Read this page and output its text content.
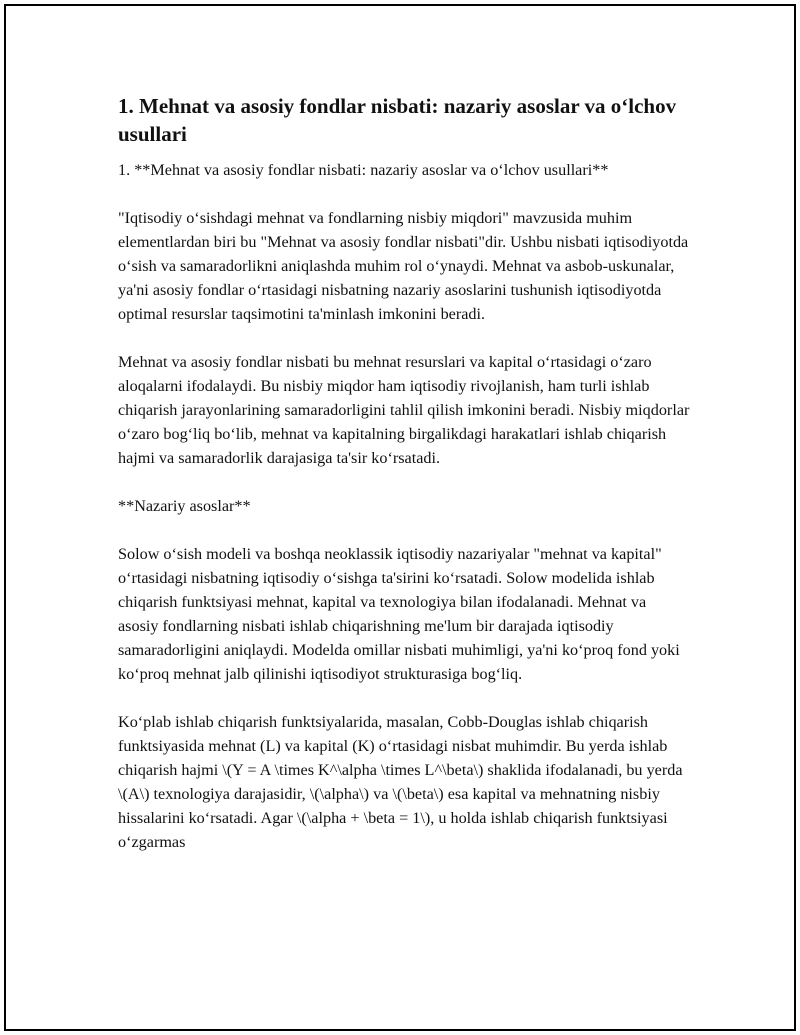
1. Mehnat va asosiy fondlar nisbati: nazariy asoslar va o‘lchov usullari

1. **Mehnat va asosiy fondlar nisbati: nazariy asoslar va o‘lchov usullari**

"Iqtisodiy o‘sishdagi mehnat va fondlarning nisbiy miqdori" mavzusida muhim elementlardan biri bu "Mehnat va asosiy fondlar nisbati"dir. Ushbu nisbati iqtisodiyotda o‘sish va samaradorlikni aniqlashda muhim rol o‘ynaydi. Mehnat va asbob-uskunalar, ya'ni asosiy fondlar o‘rtasidagi nisbatning nazariy asoslarini tushunish iqtisodiyotda optimal resurslar taqsimotini ta'minlash imkonini beradi.

Mehnat va asosiy fondlar nisbati bu mehnat resurslari va kapital o‘rtasidagi o‘zaro aloqalarni ifodalaydi. Bu nisbiy miqdor ham iqtisodiy rivojlanish, ham turli ishlab chiqarish jarayonlarining samaradorligini tahlil qilish imkonini beradi. Nisbiy miqdorlar o‘zaro bog‘liq bo‘lib, mehnat va kapitalning birgalikdagi harakatlari ishlab chiqarish hajmi va samaradorlik darajasiga ta'sir ko‘rsatadi.

**Nazariy asoslar**

Solow o‘sish modeli va boshqa neoklassik iqtisodiy nazariyalar "mehnat va kapital" o‘rtasidagi nisbatning iqtisodiy o‘sishga ta'sirini ko‘rsatadi. Solow modelida ishlab chiqarish funktsiyasi mehnat, kapital va texnologiya bilan ifodalanadi. Mehnat va asosiy fondlarning nisbati ishlab chiqarishning me'lum bir darajada iqtisodiy samaradorligini aniqlaydi. Modelda omillar nisbati muhimligi, ya'ni ko‘proq fond yoki ko‘proq mehnat jalb qilinishi iqtisodiyot strukturasiga bog‘liq.

Ko‘plab ishlab chiqarish funktsiyalarida, masalan, Cobb-Douglas ishlab chiqarish funktsiyasida mehnat (L) va kapital (K) o‘rtasidagi nisbat muhimdir. Bu yerda ishlab chiqarish hajmi \(Y = A \times K^\alpha \times L^\beta\) shaklida ifodalanadi, bu yerda \(A\) texnologiya darajasidir, \(\alpha\) va \(\beta\) esa kapital va mehnatning nisbiy hissalarini ko‘rsatadi. Agar \(\alpha + \beta = 1\), u holda ishlab chiqarish funktsiyasi o‘zgarmas
